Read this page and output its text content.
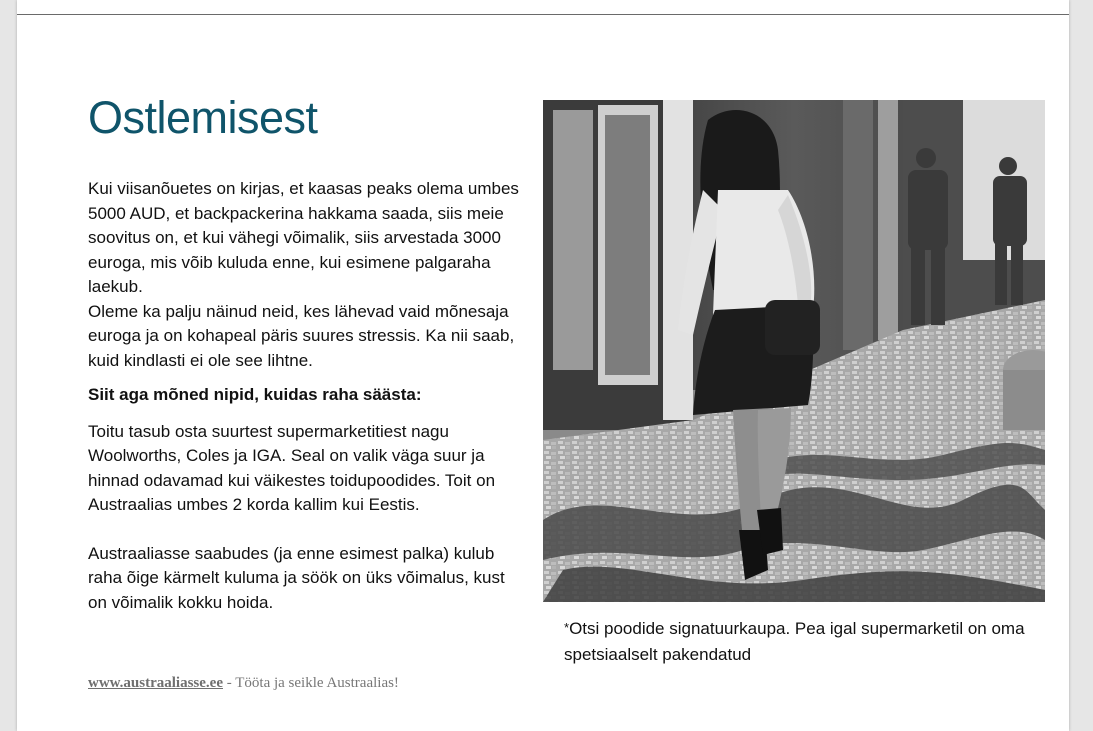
Ostlemisest

Kui viisanõuetes on kirjas, et kaasas peaks olema umbes 5000 AUD, et backpackerina hakkama saada, siis meie soovitus on, et kui vähegi võimalik, siis arvestada 3000 euroga, mis võib kuluda enne, kui esimene palgaraha laekub.
Oleme ka palju näinud neid, kes lähevad vaid mõnesaja euroga ja on kohapeal päris suures stressis. Ka nii saab, kuid kindlasti ei ole see lihtne.

Siit aga mõned nipid, kuidas raha säästa:

Toitu tasub osta suurtest supermarketitiest nagu Woolworths, Coles ja IGA. Seal on valik väga suur ja hinnad odavamad kui väikestes toidupoodides. Toit on Austraalias umbes 2 korda kallim kui Eestis.

Austraaliasse saabudes (ja enne esimest palka) kulub raha õige kärmelt kuluma ja söök on üks võimalus, kust on võimalik kokku hoida.

www.austraaliasse.ee - Tööta ja seikle Austraalias!
*Otsi poodide signatuurkaupa. Pea igal supermarketil on oma spetsiaalselt pakendatud
